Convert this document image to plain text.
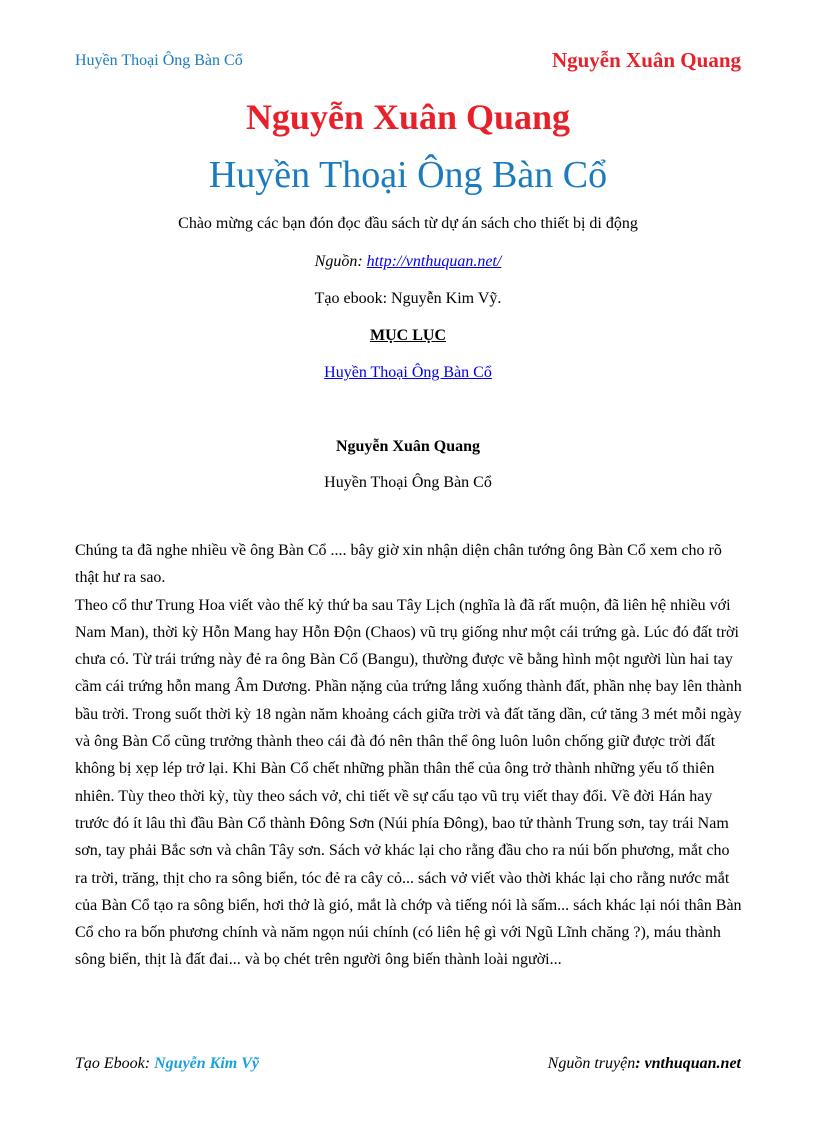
Huyền Thoại Ông Bàn Cổ	Nguyễn Xuân Quang
Nguyễn Xuân Quang
Huyền Thoại Ông Bàn Cổ
Chào mừng các bạn đón đọc đầu sách từ dự án sách cho thiết bị di động
Nguồn: http://vnthuquan.net/
Tạo ebook: Nguyễn Kim Vỹ.
MỤC LỤC
Huyền Thoại Ông Bàn Cổ
Nguyễn Xuân Quang
Huyền Thoại Ông Bàn Cổ

Chúng ta đã nghe nhiều về ông Bàn Cổ .... bây giờ xin nhận diện chân tướng ông Bàn Cổ xem cho rõ thật hư ra sao.

Theo cổ thư Trung Hoa viết vào thế kỷ thứ ba sau Tây Lịch (nghĩa là đã rất muộn, đã liên hệ nhiều với Nam Man), thời kỳ Hỗn Mang hay Hỗn Độn (Chaos) vũ trụ giống như một cái trứng gà. Lúc đó đất trời chưa có. Từ trái trứng này đẻ ra ông Bàn Cổ (Bangu), thường được vẽ bằng hình một người lùn hai tay cầm cái trứng hỗn mang Âm Dương. Phần nặng của trứng lắng xuống thành đất, phần nhẹ bay lên thành bầu trời. Trong suốt thời kỳ 18 ngàn năm khoảng cách giữa trời và đất tăng dần, cứ tăng 3 mét mỗi ngày và ông Bàn Cổ cũng trưởng thành theo cái đà đó nên thân thể ông luôn luôn chống giữ được trời đất không bị xẹp lép trở lại. Khi Bàn Cổ chết những phần thân thể của ông trở thành những yếu tố thiên nhiên. Tùy theo thời kỳ, tùy theo sách vở, chi tiết về sự cấu tạo vũ trụ viết thay đổi. Về đời Hán hay trước đó ít lâu thì đầu Bàn Cổ thành Đông Sơn (Núi phía Đông), bao tử thành Trung sơn, tay trái Nam sơn, tay phải Bắc sơn và chân Tây sơn. Sách vở khác lại cho rằng đầu cho ra núi bốn phương, mắt cho ra trời, trăng, thịt cho ra sông biển, tóc đẻ ra cây cỏ... sách vở viết vào thời khác lại cho rằng nước mắt của Bàn Cổ tạo ra sông biển, hơi thở là gió, mắt là chớp và tiếng nói là sấm... sách khác lại nói thân Bàn Cổ cho ra bốn phương chính và năm ngọn núi chính (có liên hệ gì với Ngũ Lĩnh chăng ?), máu thành sông biển, thịt là đất đai... và bọ chét trên người ông biến thành loài người...

Tạo Ebook: Nguyễn Kim Vỹ	Nguồn truyện: vnthuquan.net
